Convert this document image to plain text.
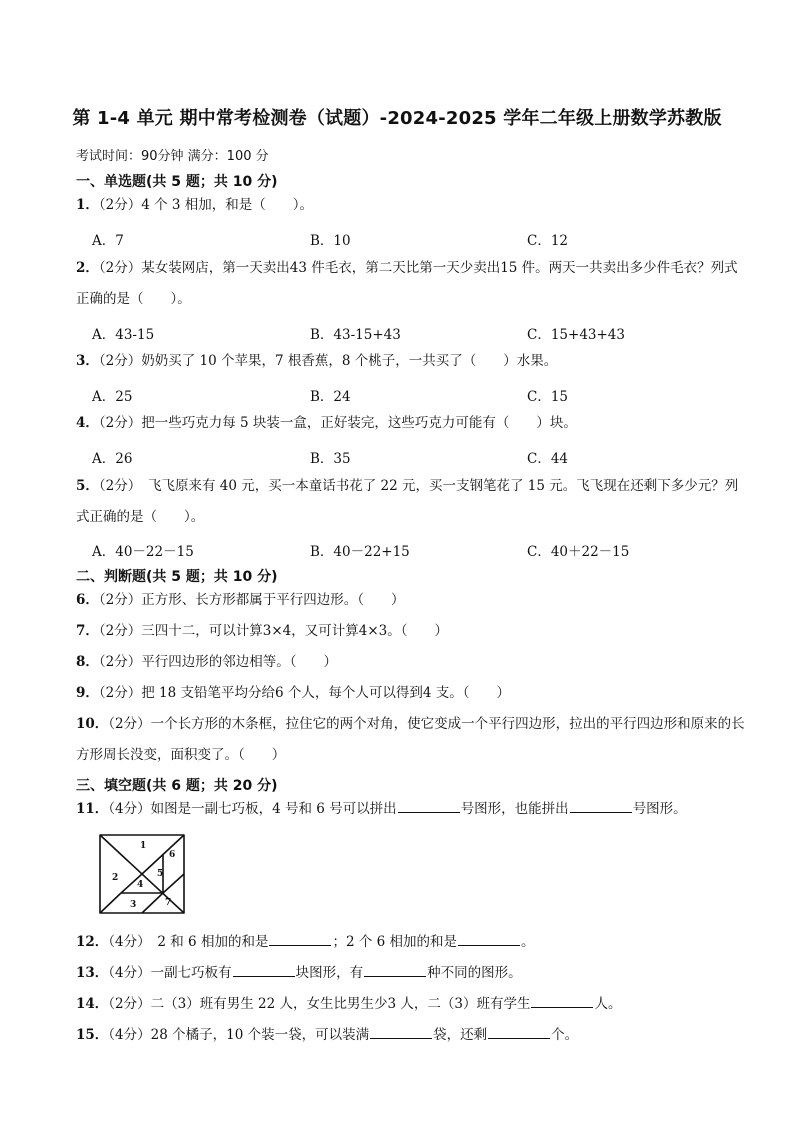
第 1-4 单元 期中常考检测卷（试题）-2024-2025 学年二年级上册数学苏教版
考试时间：90分钟 满分：100 分
一、单选题(共 5 题；共 10 分)
1．（2分）4 个 3 相加，和是（　　）。
A．7	B．10	C．12
2．（2分）某女装网店，第一天卖出43 件毛衣，第二天比第一天少卖出15 件。两天一共卖出多少件毛衣？列式正确的是（　　）。
A．43-15	B．43-15+43	C．15+43+43
3．（2分）奶奶买了 10 个苹果，7 根香蕉，8 个桃子，一共买了（　　）水果。
A．25	B．24	C．15
4．（2分）把一些巧克力每 5 块装一盒，正好装完，这些巧克力可能有（　　）块。
A．26	B．35	C．44
5．（2分）　飞飞原来有 40 元，买一本童话书花了 22 元，买一支钢笔花了 15 元。飞飞现在还剩下多少元？列式正确的是（　　）。
A．40－22－15	B．40－22+15	C．40＋22－15
二、判断题(共 5 题；共 10 分)
6．（2分）正方形、长方形都属于平行四边形。（　　）
7．（2分）三四十二，可以计算3×4，又可计算4×3。（　　）
8．（2分）平行四边形的邻边相等。（　　）
9．（2分）把 18 支铅笔平均分给6 个人，每个人可以得到4 支。（　　）
10．（2分）一个长方形的木条框，拉住它的两个对角，使它变成一个平行四边形，拉出的平行四边形和原来的长方形周长没变，面积变了。（　　）
三、填空题(共 6 题；共 20 分)
11．（4分）如图是一副七巧板，4 号和 6 号可以拼出	号图形，也能拼出	号图形。
1
2
3
4
5
6
7
12．（4分）　2 和 6 相加的和是	；2 个 6 相加的和是	。
13．（4分）一副七巧板有	块图形，有	种不同的图形。
14．（2分）二（3）班有男生 22 人，女生比男生少3 人，二（3）班有学生	人。
15．（4分）28 个橘子，10 个装一袋，可以装满	袋，还剩	个。
